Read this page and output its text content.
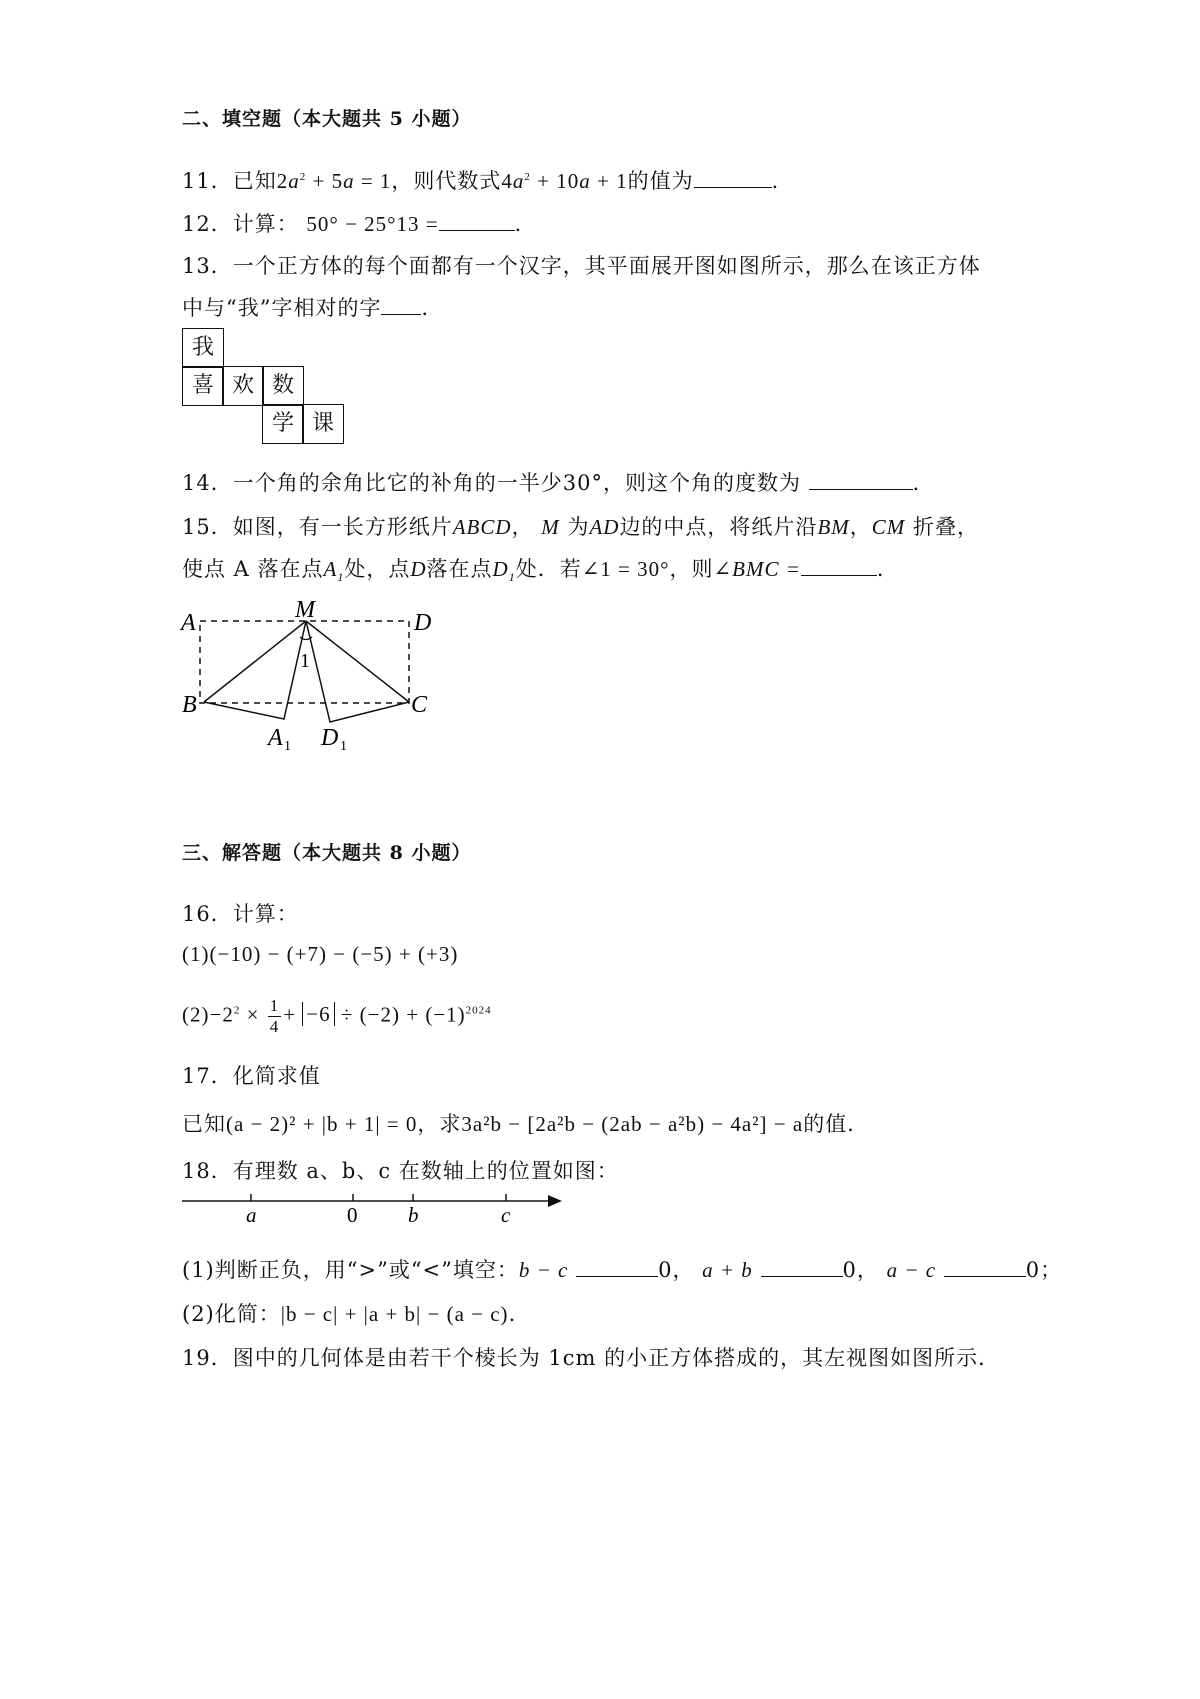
二、填空题（本大题共 5 小题）
11．已知$2a^2 + 5a = 1$，则代数式$4a^2 + 10a + 1$的值为	．
12．计算： 50° − 25°13 =	．
13．一个正方体的每个面都有一个汉字，其平面展开图如图所示，那么在该正方体
中与“我”字相对的字 ．
我
喜 欢 数
学 课
14．一个角的余角比它的补角的一半少30°，则这个角的度数为	．
15．如图，有一长方形纸片ABCD， M 为AD边的中点，将纸片沿BM，CM 折叠，
使点 A 落在点$A_1$处，点D落在点$D_1$处．若∠1 = 30°，则∠BMC =	．
A	M	D
B	C
1
A 1 D 1
a	0 b	c
三、解答题（本大题共 8 小题）
16．计算：
(1)(−10) − (+7) − (−5) + (+3)
$(2)-2^2 \times \frac{1}{4} + -6 \div (-2) + (-1)^{2024}$
17．化简求值
已知(a − 2)² + |b + 1| = 0，求3a²b − [2a²b − (2ab − a²b) − 4a²] − a的值．
18．有理数 a、b、c 在数轴上的位置如图：
(1)判断正负，用“>”或“<”填空：b − c	0， a + b	0， a − c	0；
(2)化简：|b − c| + |a + b| − (a − c)．
19．图中的几何体是由若干个棱长为 1cm 的小正方体搭成的，其左视图如图所示．
